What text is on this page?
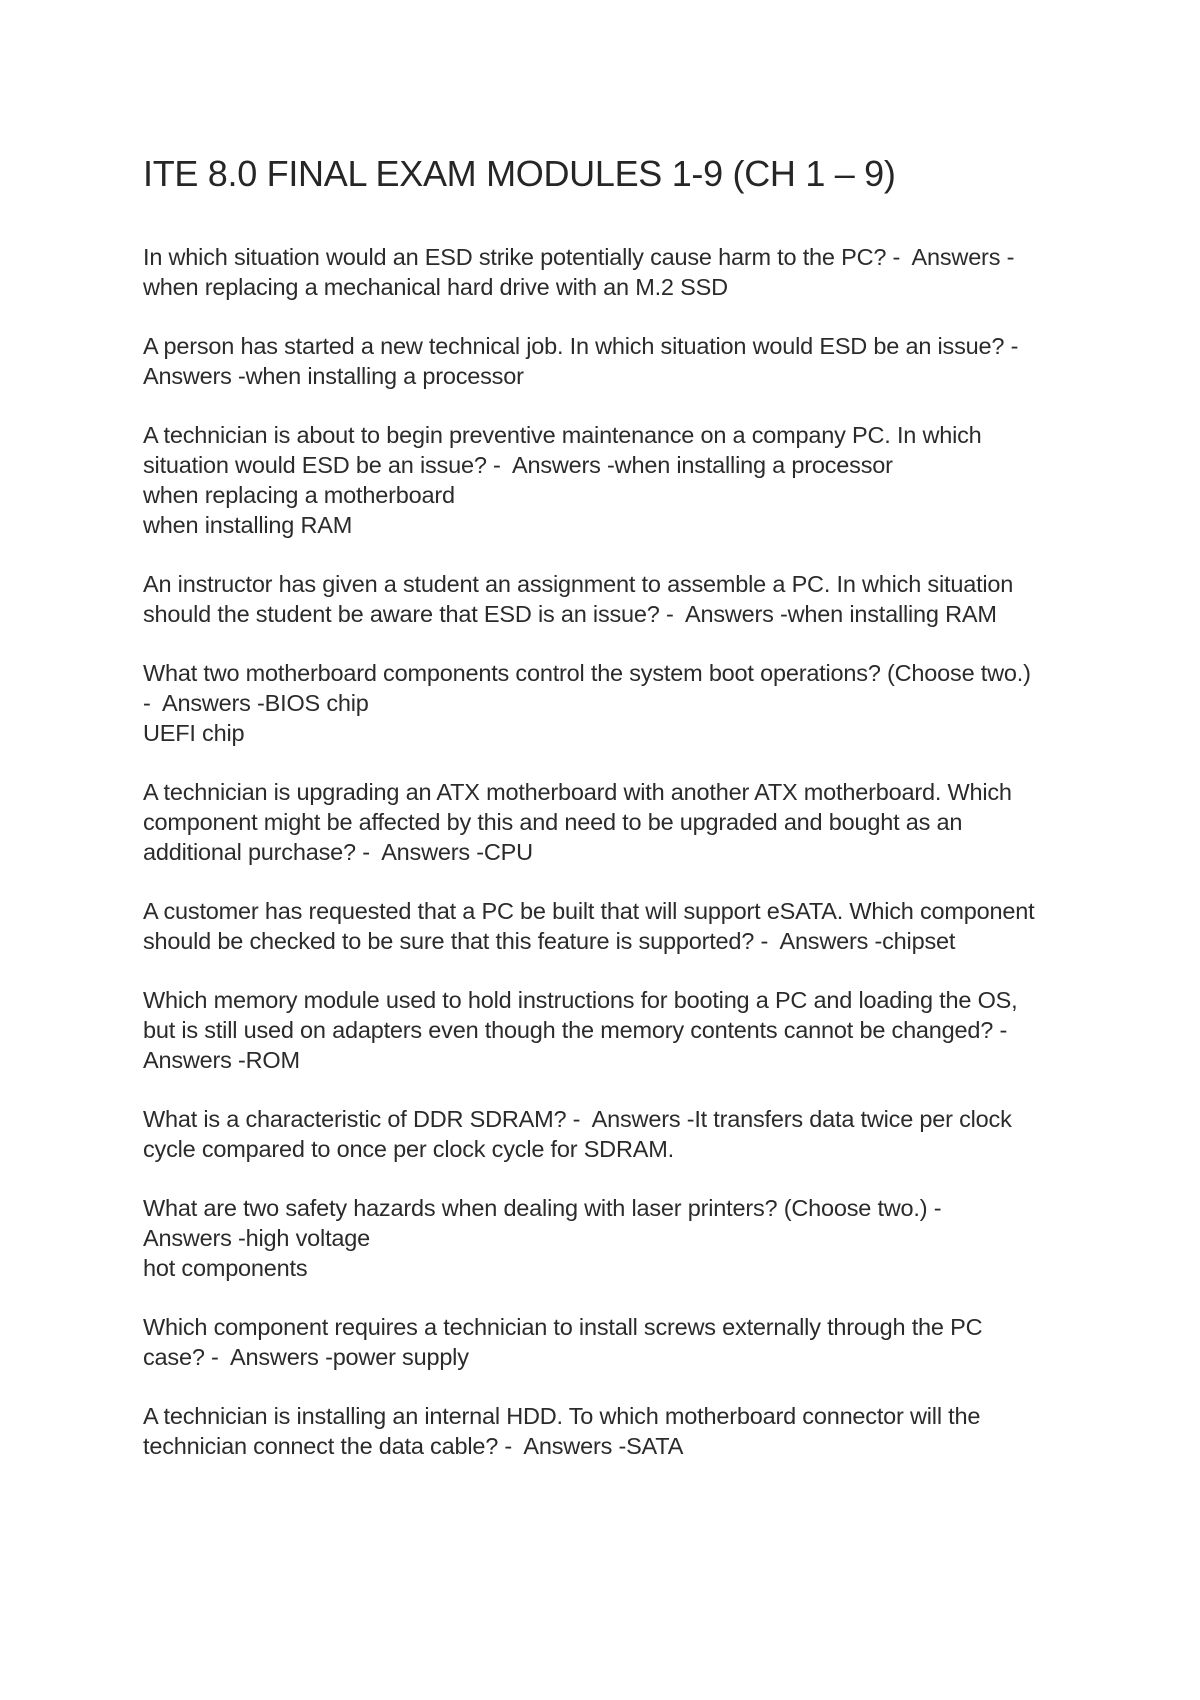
ITE 8.0 FINAL EXAM MODULES 1-9 (CH 1 – 9)
In which situation would an ESD strike potentially cause harm to the PC? -  Answers -
when replacing a mechanical hard drive with an M.2 SSD
A person has started a new technical job. In which situation would ESD be an issue? -
Answers -when installing a processor
A technician is about to begin preventive maintenance on a company PC. In which
situation would ESD be an issue? -  Answers -when installing a processor
when replacing a motherboard
when installing RAM
An instructor has given a student an assignment to assemble a PC. In which situation
should the student be aware that ESD is an issue? -  Answers -when installing RAM
What two motherboard components control the system boot operations? (Choose two.)
-  Answers -BIOS chip
UEFI chip
A technician is upgrading an ATX motherboard with another ATX motherboard. Which
component might be affected by this and need to be upgraded and bought as an
additional purchase? -  Answers -CPU
A customer has requested that a PC be built that will support eSATA. Which component
should be checked to be sure that this feature is supported? -  Answers -chipset
Which memory module used to hold instructions for booting a PC and loading the OS,
but is still used on adapters even though the memory contents cannot be changed? -
Answers -ROM
What is a characteristic of DDR SDRAM? -  Answers -It transfers data twice per clock
cycle compared to once per clock cycle for SDRAM.
What are two safety hazards when dealing with laser printers? (Choose two.) -
Answers -high voltage
hot components
Which component requires a technician to install screws externally through the PC
case? -  Answers -power supply
A technician is installing an internal HDD. To which motherboard connector will the
technician connect the data cable? -  Answers -SATA
